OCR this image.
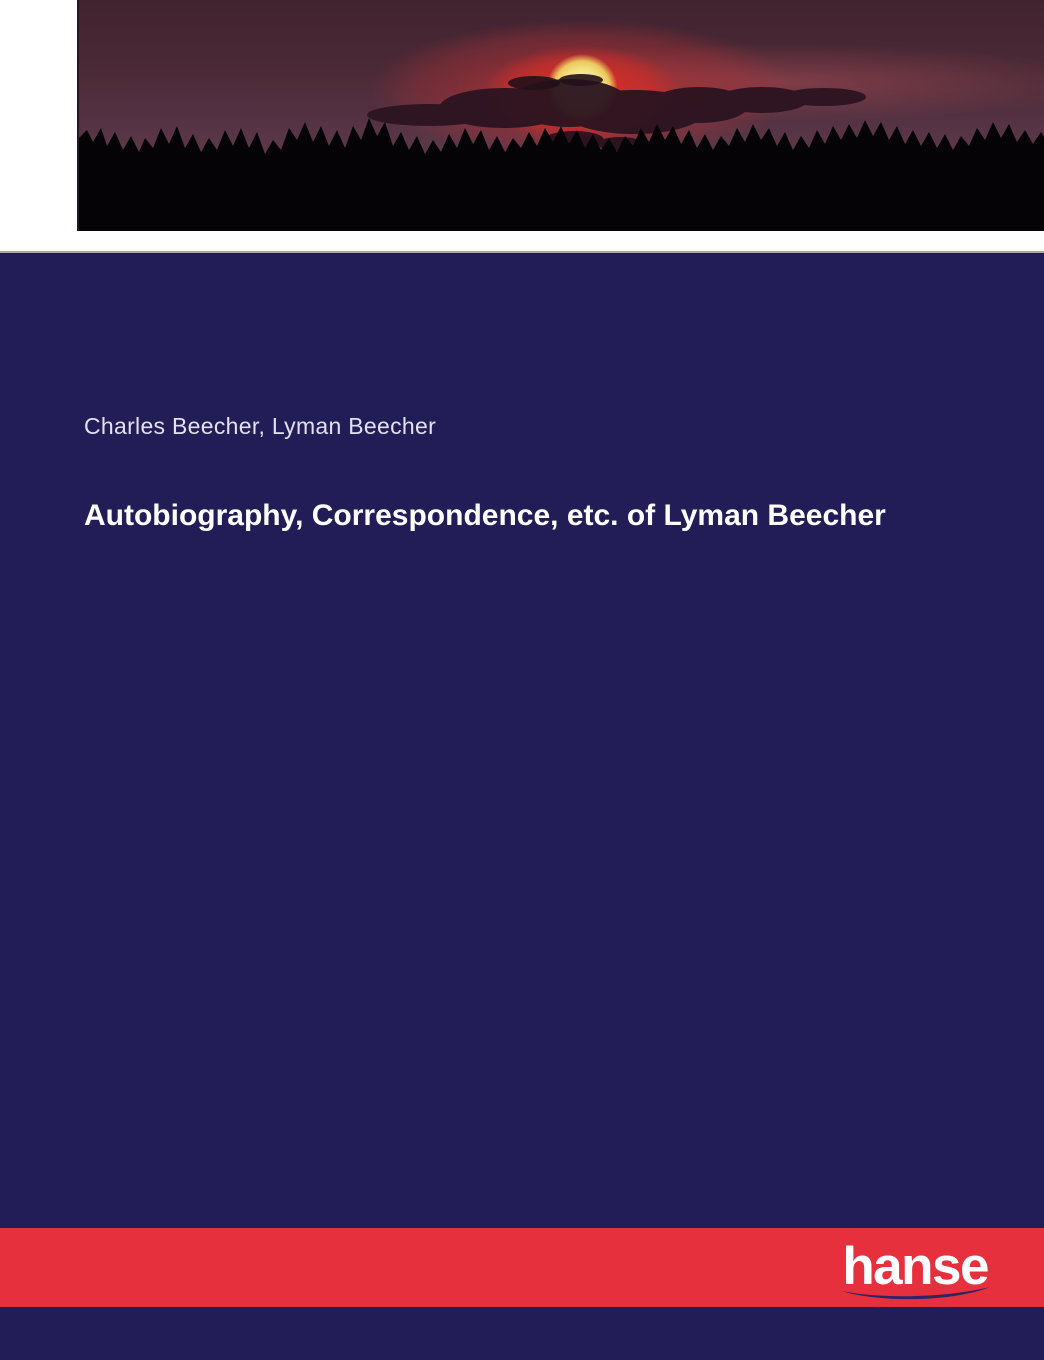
Charles Beecher, Lyman Beecher
Autobiography, Correspondence, etc. of Lyman Beecher
hanse
